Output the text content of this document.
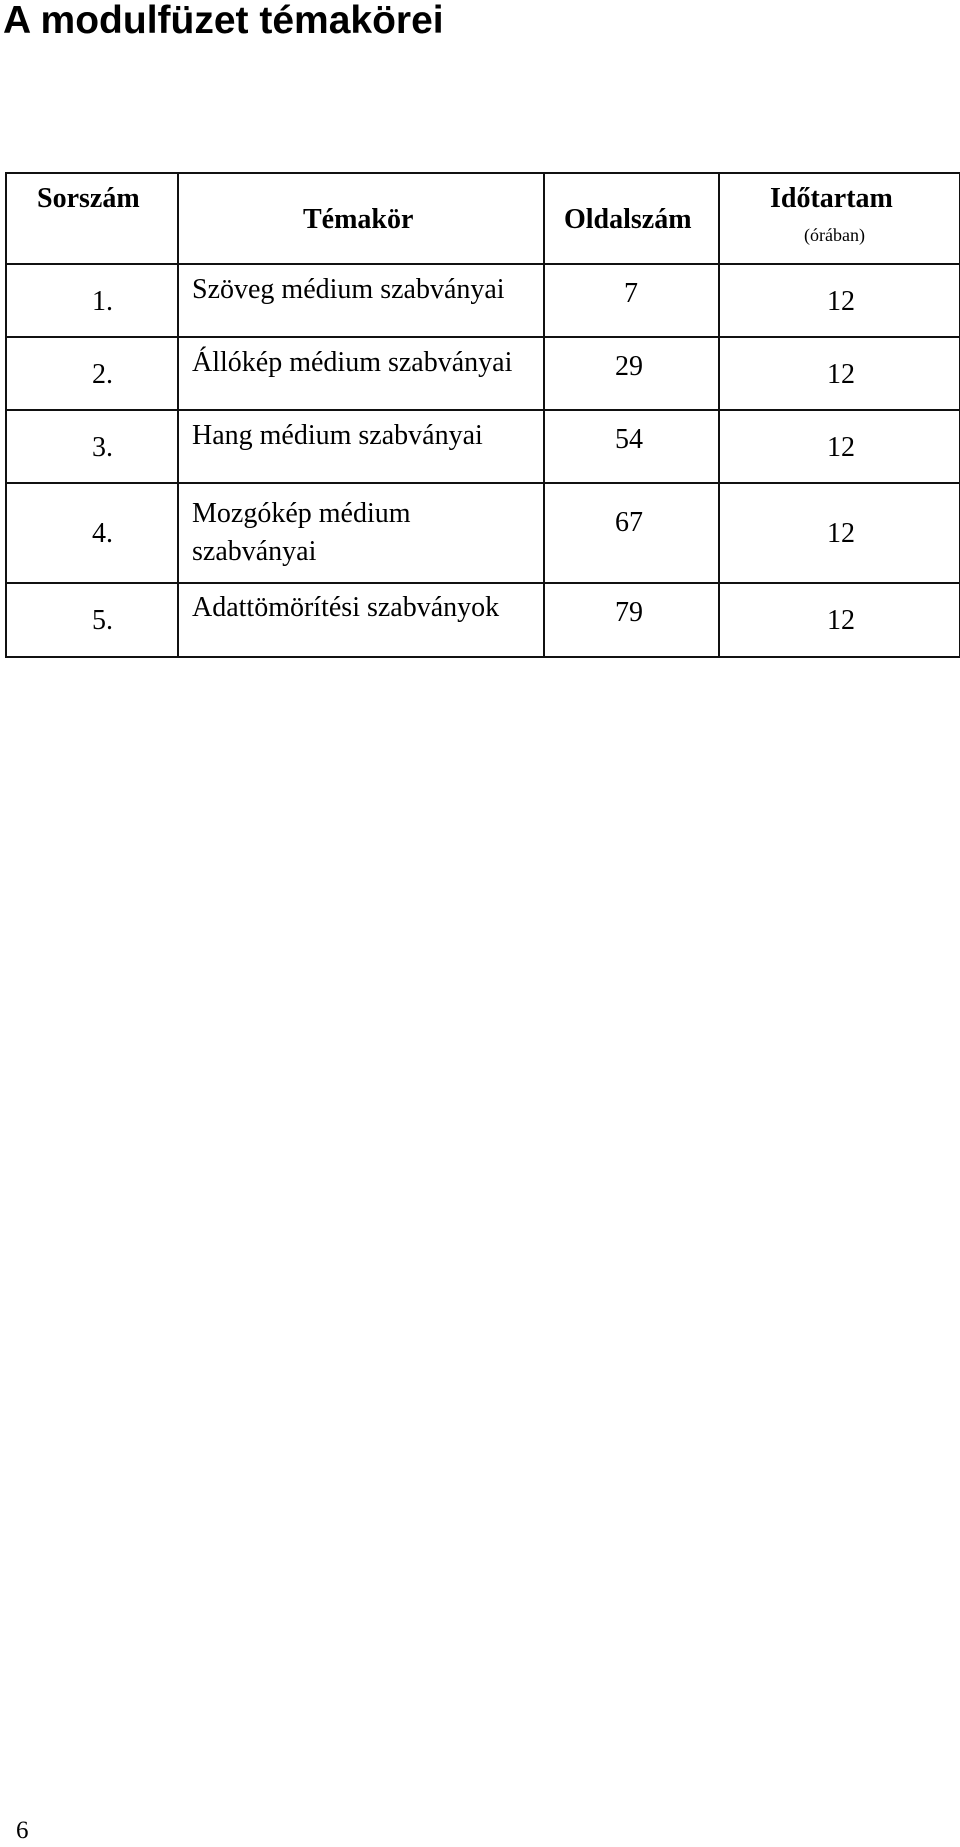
A modulfüzet témakörei
Sorszám	Témakör	Oldalszám	Időtartam
(órában)

1.	Szöveg médium szabványai	7	12

2.	Állókép médium szabványai	29	12

3.	Hang médium szabványai	54	12

4.	Mozgókép médium szabványai	67	12

5.	Adattömörítési szabványok	79	12
6
